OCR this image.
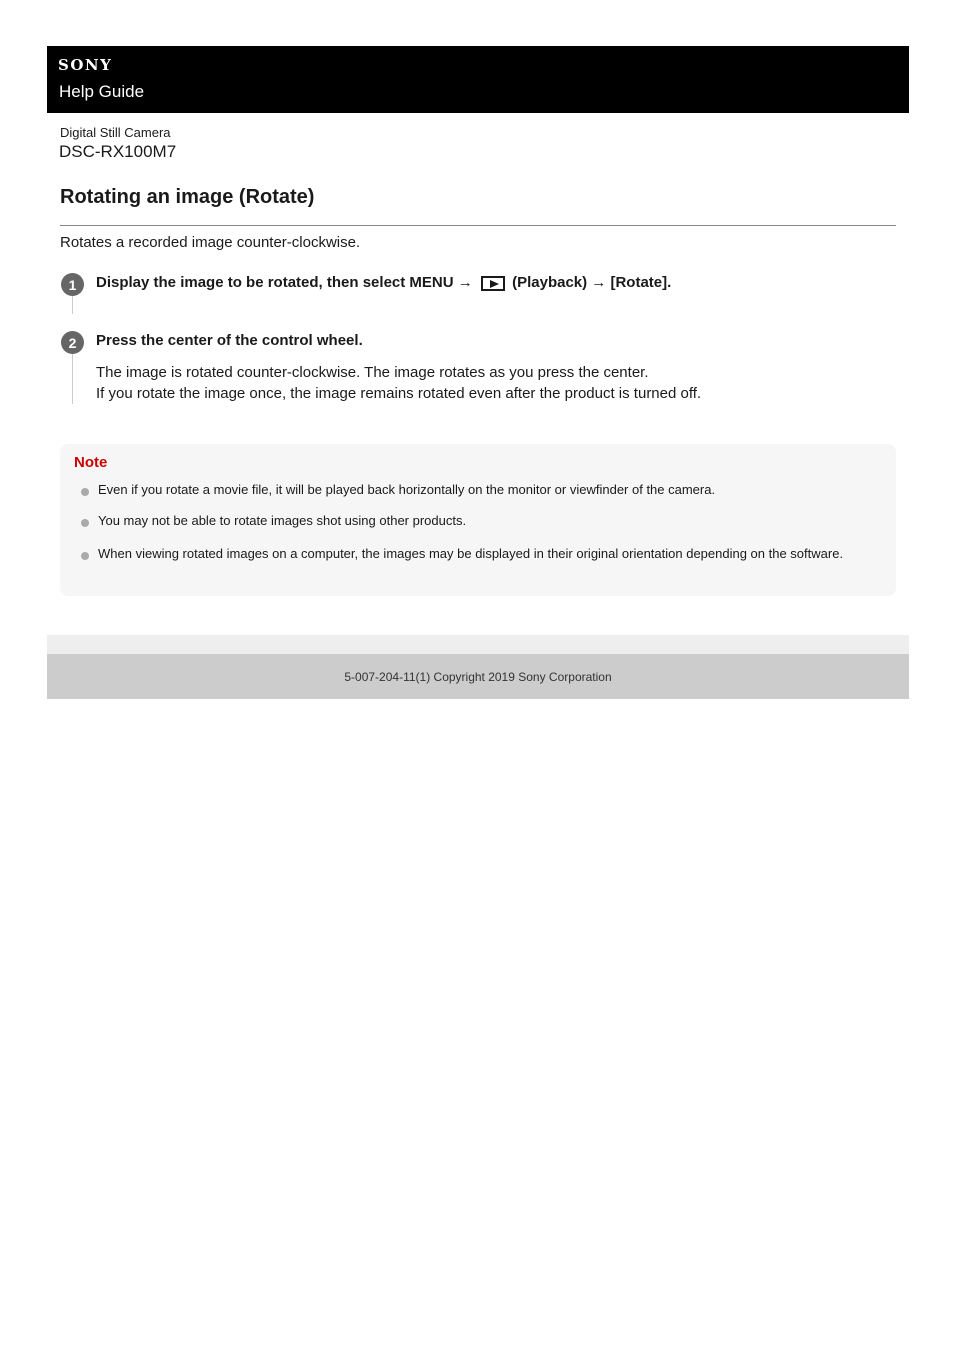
SONY
Help Guide
Digital Still Camera
DSC-RX100M7
Rotating an image (Rotate)
Rotates a recorded image counter-clockwise.
1	Display the image to be rotated, then select MENU →	(Playback) → [Rotate].
2	Press the center of the control wheel.
The image is rotated counter-clockwise. The image rotates as you press the center.
If you rotate the image once, the image remains rotated even after the product is turned off.
Note
Even if you rotate a movie file, it will be played back horizontally on the monitor or viewfinder of the camera.
You may not be able to rotate images shot using other products.
When viewing rotated images on a computer, the images may be displayed in their original orientation depending on the software.
5-007-204-11(1) Copyright 2019 Sony Corporation
